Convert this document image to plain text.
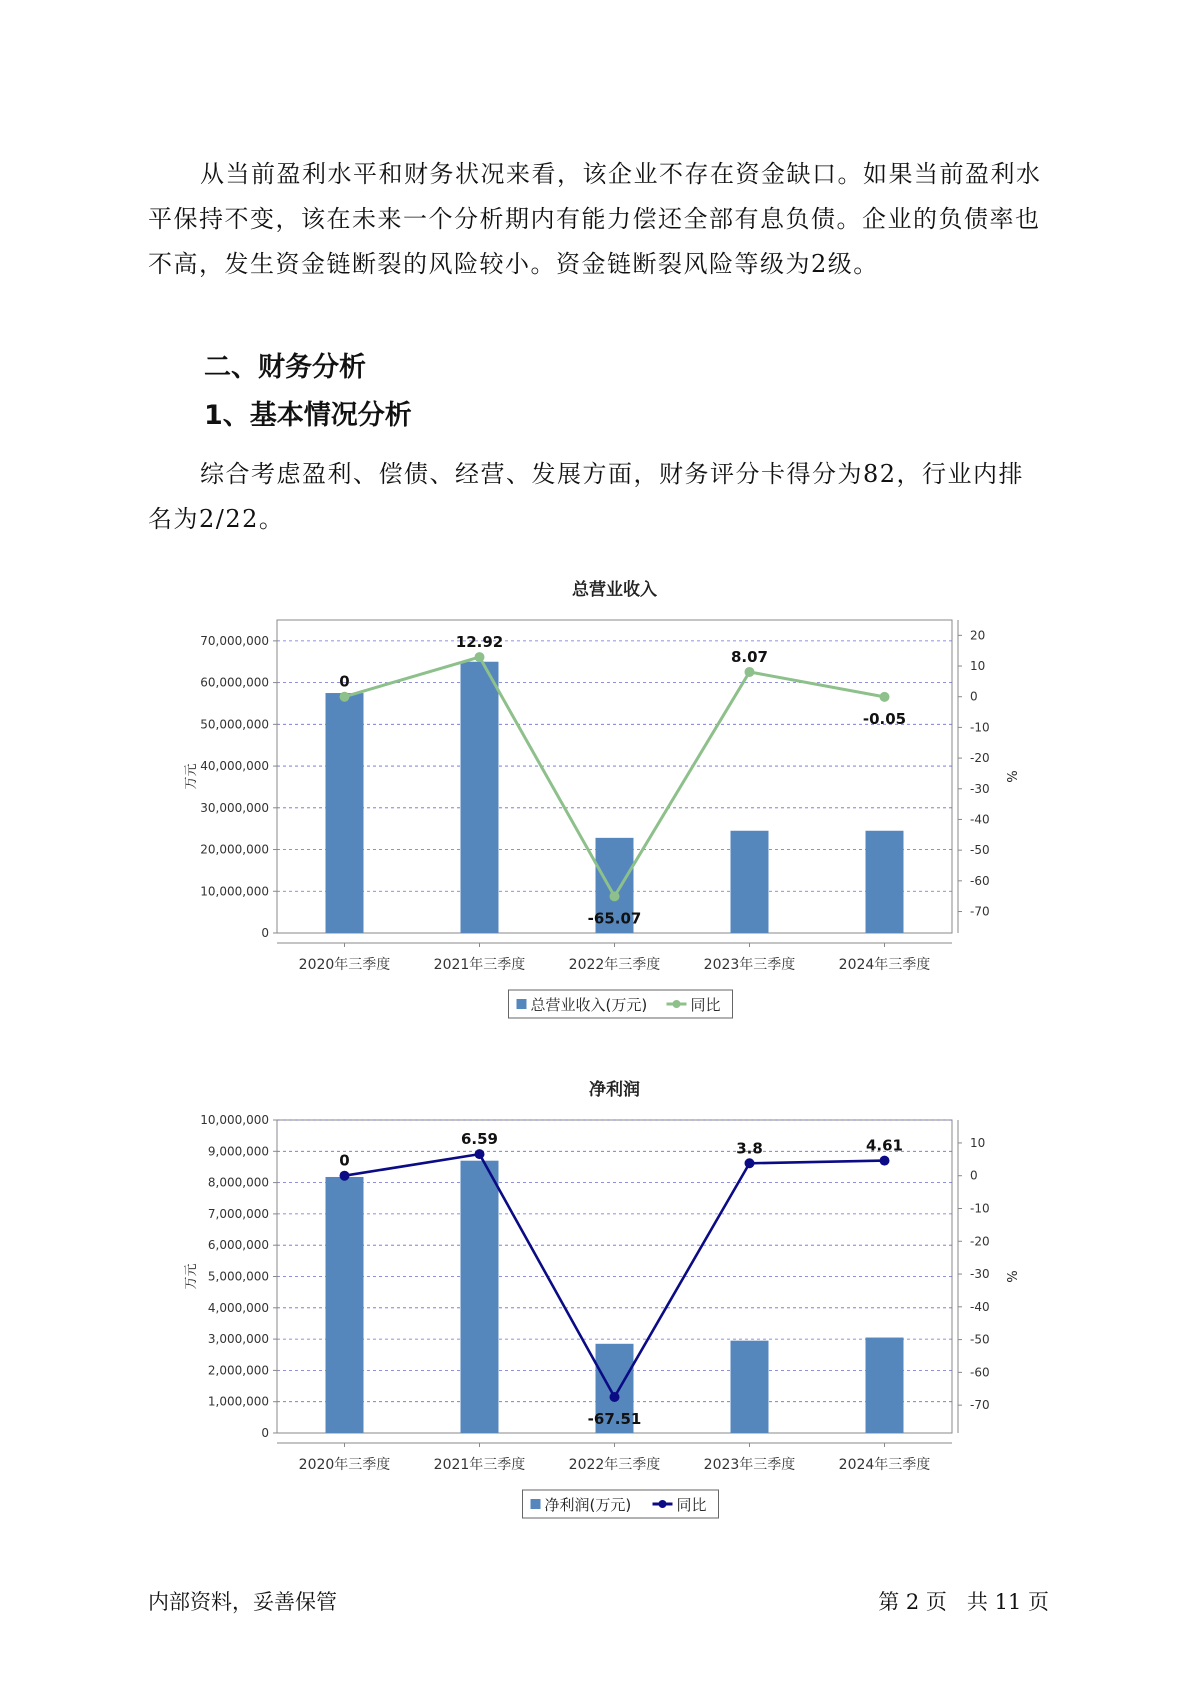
从当前盈利水平和财务状况来看，该企业不存在资金缺口。如果当前盈利水平保持不变，该在未来一个分析期内有能力偿还全部有息负债。企业的负债率也不高，发生资金链断裂的风险较小。资金链断裂风险等级为2级。

二、财务分析
1、基本情况分析

综合考虑盈利、偿债、经营、发展方面，财务评分卡得分为82，行业内排名为2/22。

总营业收入
0
10,000,000
20,000,000
30,000,000
40,000,000
50,000,000
60,000,000
70,000,000	20
10
0
-10
-20
-30
-40
-50
-60
-70
万元	%
2020年三季度	2021年三季度	2022年三季度	2023年三季度	2024年三季度
0
12.92
-65.07
8.07
-0.05
总营业收入(万元)	同比
净利润
0
1,000,000
2,000,000
3,000,000
4,000,000
5,000,000
6,000,000
7,000,000
8,000,000
9,000,000
10,000,000
10
0
-10
-20
-30
-40
-50
-60
-70
万元	%
2020年三季度	2021年三季度	2022年三季度	2023年三季度	2024年三季度
0
6.59
-67.51
3.8	4.61
净利润(万元)	同比
内部资料，妥善保管	第 2 页   共 11 页
